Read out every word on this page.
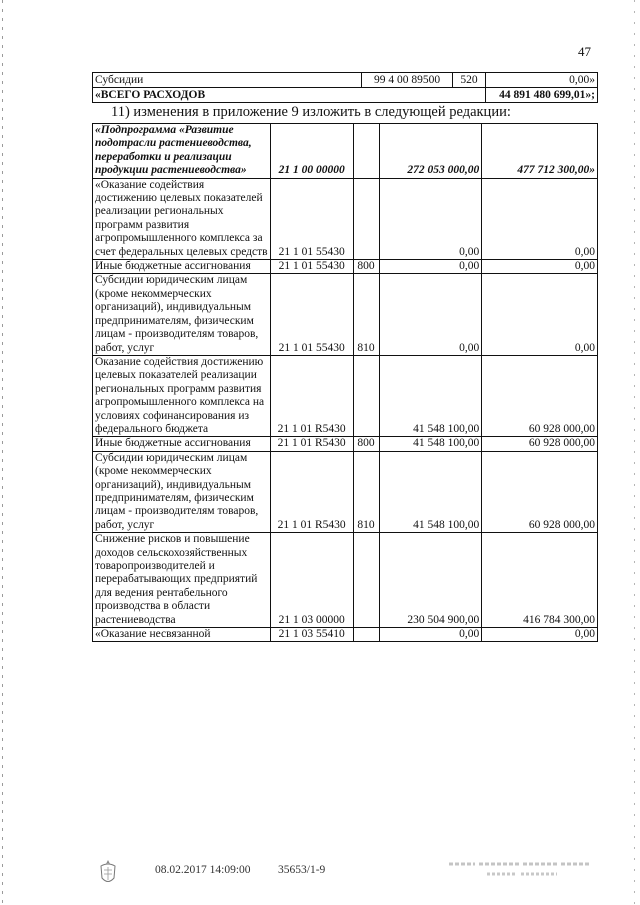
47
Субсидии	99 4 00 89500	520	0,00»
«ВСЕГО РАСХОДОВ			44 891 480 699,01»;
11) изменения в приложение 9 изложить в следующей редакции:
«Подпрограмма «Развитие подотрасли растениеводства, переработки и реализации продукции растениеводства»	21 1 00 00000		272 053 000,00	477 712 300,00»
«Оказание содействия достижению целевых показателей реализации региональных программ развития агропромышленного комплекса за счет федеральных целевых средств	21 1 01 55430		0,00	0,00
Иные бюджетные ассигнования	21 1 01 55430	800	0,00	0,00
Субсидии юридическим лицам (кроме некоммерческих организаций), индивидуальным предпринимателям, физическим лицам - производителям товаров, работ, услуг	21 1 01 55430	810	0,00	0,00
Оказание содействия достижению целевых показателей реализации региональных программ развития агропромышленного комплекса на условиях софинансирования из федерального бюджета	21 1 01 R5430		41 548 100,00	60 928 000,00
Иные бюджетные ассигнования	21 1 01 R5430	800	41 548 100,00	60 928 000,00
Субсидии юридическим лицам (кроме некоммерческих организаций), индивидуальным предпринимателям, физическим лицам - производителям товаров, работ, услуг	21 1 01 R5430	810	41 548 100,00	60 928 000,00
Снижение рисков и повышение доходов сельскохозяйственных товаропроизводителей и перерабатывающих предприятий для ведения рентабельного производства в области растениеводства	21 1 03 00000		230 504 900,00	416 784 300,00
«Оказание несвязанной	21 1 03 55410		0,00	0,00
08.02.2017 14:09:00 35653/1-9
